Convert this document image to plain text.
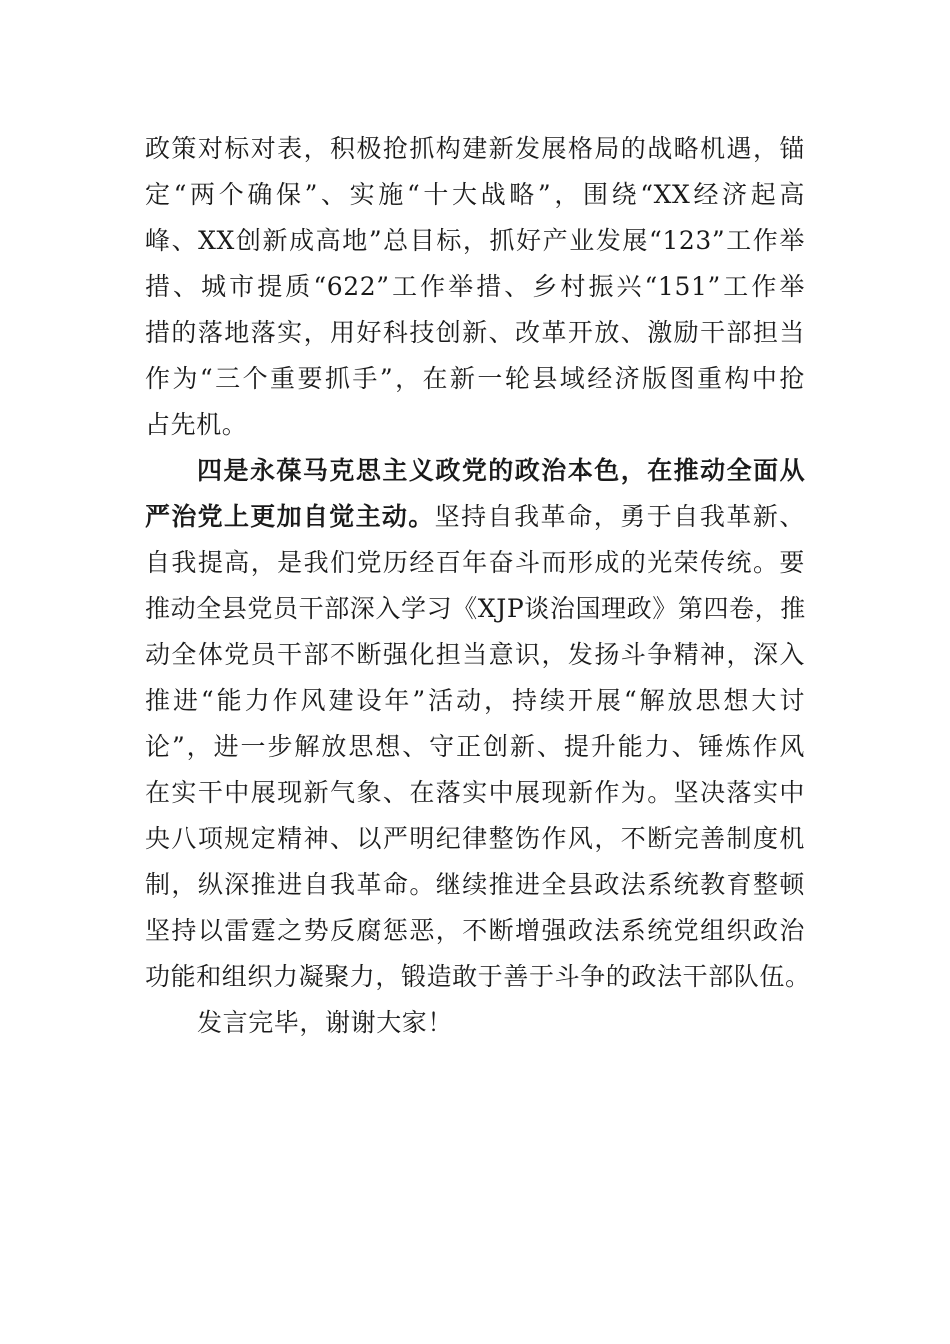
政策对标对表，积极抢抓构建新发展格局的战略机遇，锚
定“两个确保”、实施“十大战略”，围绕“XX经济起高
峰、XX创新成高地”总目标，抓好产业发展“123”工作举
措、城市提质“622”工作举措、乡村振兴“151”工作举
措的落地落实，用好科技创新、改革开放、激励干部担当
作为“三个重要抓手”，在新一轮县域经济版图重构中抢
占先机。
四是永葆马克思主义政党的政治本色，在推动全面从
严治党上更加自觉主动。坚持自我革命，勇于自我革新、
自我提高，是我们党历经百年奋斗而形成的光荣传统。要
推动全县党员干部深入学习《XJP谈治国理政》第四卷，推
动全体党员干部不断强化担当意识，发扬斗争精神，深入
推进“能力作风建设年”活动，持续开展“解放思想大讨
论”，进一步解放思想、守正创新、提升能力、锤炼作风
在实干中展现新气象、在落实中展现新作为。坚决落实中
央八项规定精神、以严明纪律整饬作风，不断完善制度机
制，纵深推进自我革命。继续推进全县政法系统教育整顿
坚持以雷霆之势反腐惩恶，不断增强政法系统党组织政治
功能和组织力凝聚力，锻造敢于善于斗争的政法干部队伍。
发言完毕，谢谢大家！
